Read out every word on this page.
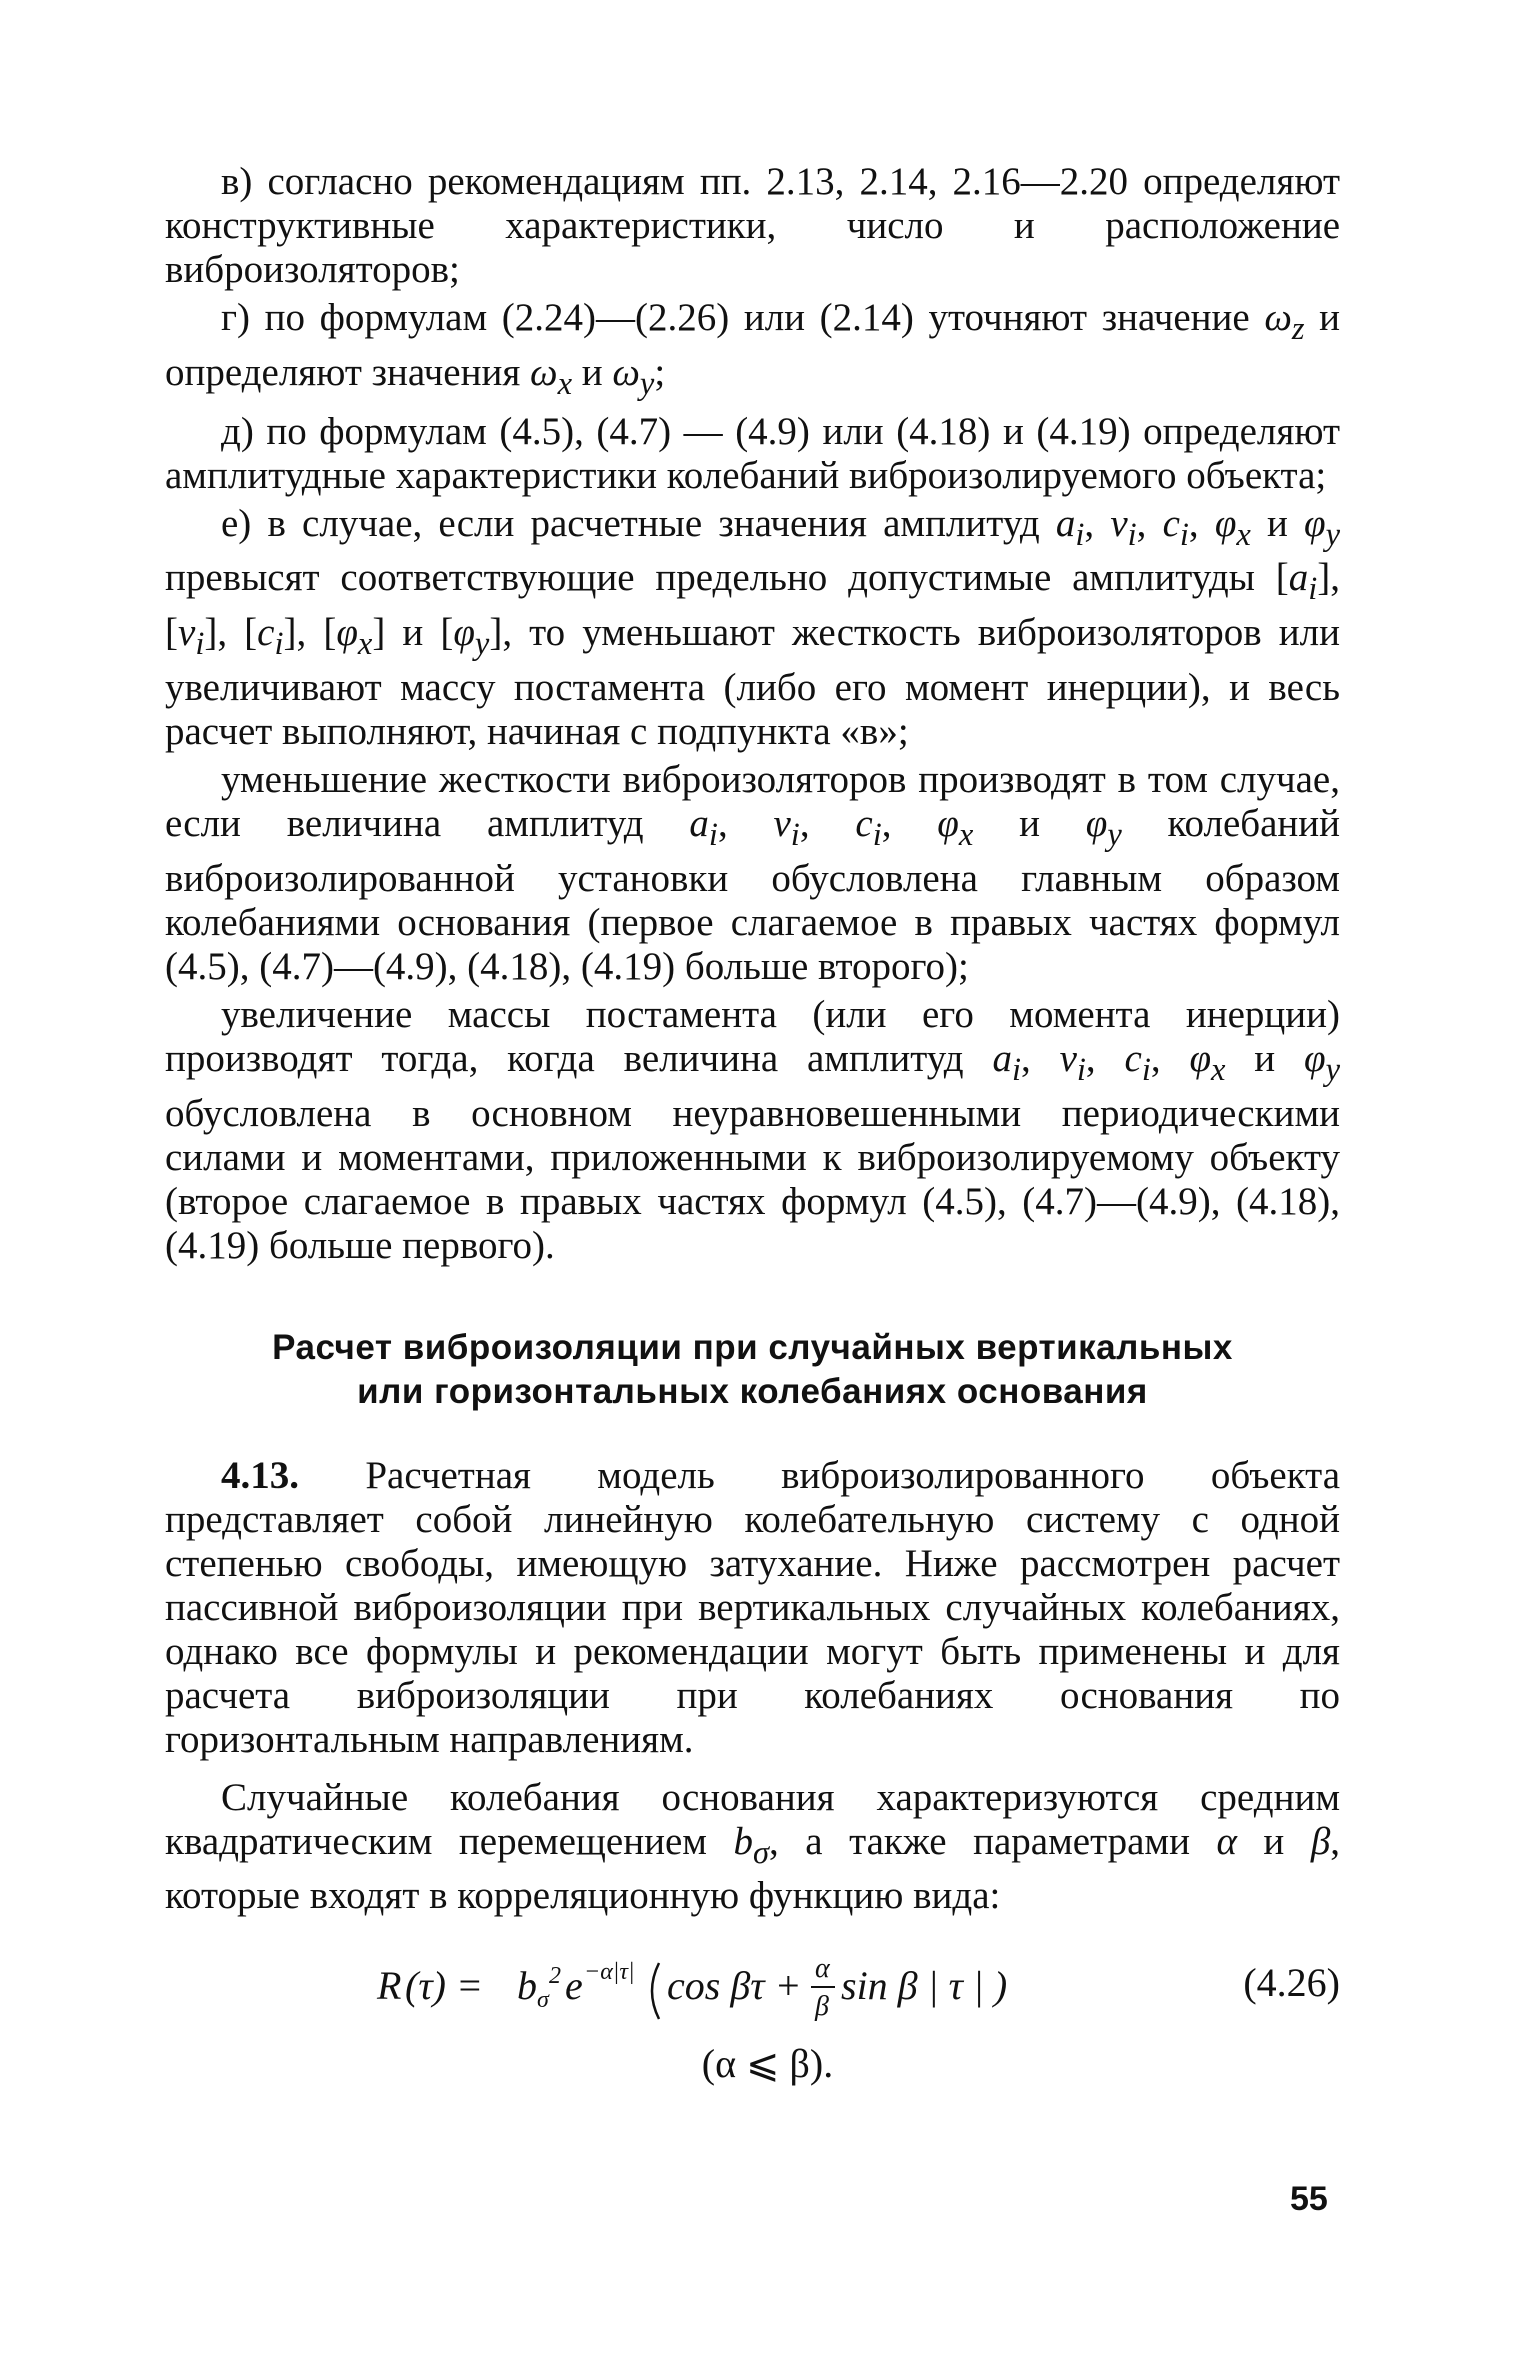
в) согласно рекомендациям пп. 2.13, 2.14, 2.16—2.20 определяют конструктивные характеристики, число и расположение виброизоляторов;

г) по формулам (2.24)—(2.26) или (2.14) уточняют значение $\omega_z$ и определяют значения $\omega_x$ и $\omega_y$;

д) по формулам (4.5), (4.7) — (4.9) или (4.18) и (4.19) определяют амплитудные характеристики колебаний виброизолируемого объекта;

е) в случае, если расчетные значения амплитуд $a_i$, $v_i$, $c_i$, $\varphi_x$ и $\varphi_y$ превысят соответствующие предельно допустимые амплитуды $[a_i]$, $[v_i]$, $[c_i]$, $[\varphi_x]$ и $[\varphi_y]$, то уменьшают жесткость виброизоляторов или увеличивают массу постамента (либо его момент инерции), и весь расчет выполняют, начиная с подпункта «в»;

уменьшение жесткости виброизоляторов производят в том случае, если величина амплитуд $a_i$, $v_i$, $c_i$, $\varphi_x$ и $\varphi_y$ колебаний виброизолированной установки обусловлена главным образом колебаниями основания (первое слагаемое в правых частях формул (4.5), (4.7)—(4.9), (4.18), (4.19) больше второго);

увеличение массы постамента (или его момента инерции) производят тогда, когда величина амплитуд $a_i$, $v_i$, $c_i$, $\varphi_x$ и $\varphi_y$ обусловлена в основном неуравновешенными периодическими силами и моментами, приложенными к виброизолируемому объекту (второе слагаемое в правых частях формул (4.5), (4.7)—(4.9), (4.18), (4.19) больше первого).

Расчет виброизоляции при случайных вертикальных
или горизонтальных колебаниях основания

4.13. Расчетная модель виброизолированного объекта представляет собой линейную колебательную систему с одной степенью свободы, имеющую затухание. Ниже рассмотрен расчет пассивной виброизоляции при вертикальных случайных колебаниях, однако все формулы и рекомендации могут быть применены и для расчета виброизоляции при колебаниях основания по горизонтальным направлениям.

Случайные колебания основания характеризуются средним квадратическим перемещением $b_\sigma$, а также параметрами α и β, которые входят в корреляционную функцию вида:

R (τ) = b σ
2 e −α|τ| cos βτ + α
β sin β | τ | )	(4.26)
(α ⩽ β).
55
